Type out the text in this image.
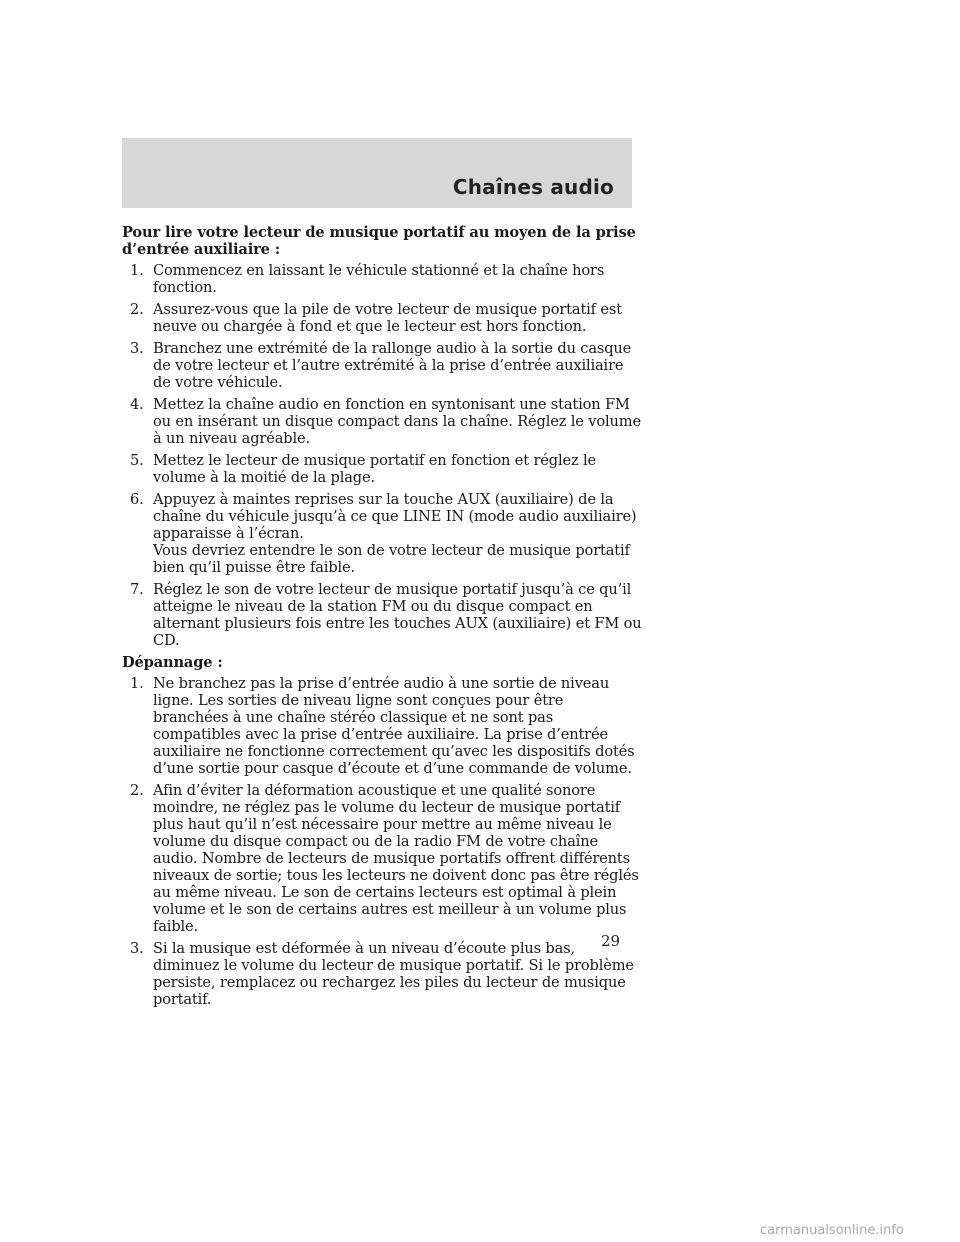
Chaînes audio

Pour lire votre lecteur de musique portatif au moyen de la prise d’entrée auxiliaire :

1. Commencez en laissant le véhicule stationné et la chaîne hors fonction.
2. Assurez-vous que la pile de votre lecteur de musique portatif est neuve ou chargée à fond et que le lecteur est hors fonction.
3. Branchez une extrémité de la rallonge audio à la sortie du casque de votre lecteur et l’autre extrémité à la prise d’entrée auxiliaire de votre véhicule.
4. Mettez la chaîne audio en fonction en syntonisant une station FM ou en insérant un disque compact dans la chaîne. Réglez le volume à un niveau agréable.
5. Mettez le lecteur de musique portatif en fonction et réglez le volume à la moitié de la plage.
6. Appuyez à maintes reprises sur la touche AUX (auxiliaire) de la chaîne du véhicule jusqu’à ce que LINE IN (mode audio auxiliaire) apparaisse à l’écran.
Vous devriez entendre le son de votre lecteur de musique portatif bien qu’il puisse être faible.
7. Réglez le son de votre lecteur de musique portatif jusqu’à ce qu’il atteigne le niveau de la station FM ou du disque compact en alternant plusieurs fois entre les touches AUX (auxiliaire) et FM ou CD.

Dépannage :

1. Ne branchez pas la prise d’entrée audio à une sortie de niveau ligne. Les sorties de niveau ligne sont conçues pour être branchées à une chaîne stéréo classique et ne sont pas compatibles avec la prise d’entrée auxiliaire. La prise d’entrée auxiliaire ne fonctionne correctement qu’avec les dispositifs dotés d’une sortie pour casque d’écoute et d’une commande de volume.
2. Afin d’éviter la déformation acoustique et une qualité sonore moindre, ne réglez pas le volume du lecteur de musique portatif plus haut qu’il n’est nécessaire pour mettre au même niveau le volume du disque compact ou de la radio FM de votre chaîne audio. Nombre de lecteurs de musique portatifs offrent différents niveaux de sortie; tous les lecteurs ne doivent donc pas être réglés au même niveau. Le son de certains lecteurs est optimal à plein volume et le son de certains autres est meilleur à un volume plus faible.
3. Si la musique est déformée à un niveau d’écoute plus bas, diminuez le volume du lecteur de musique portatif. Si le problème persiste, remplacez ou rechargez les piles du lecteur de musique portatif.
29
carmanualsonline.info
